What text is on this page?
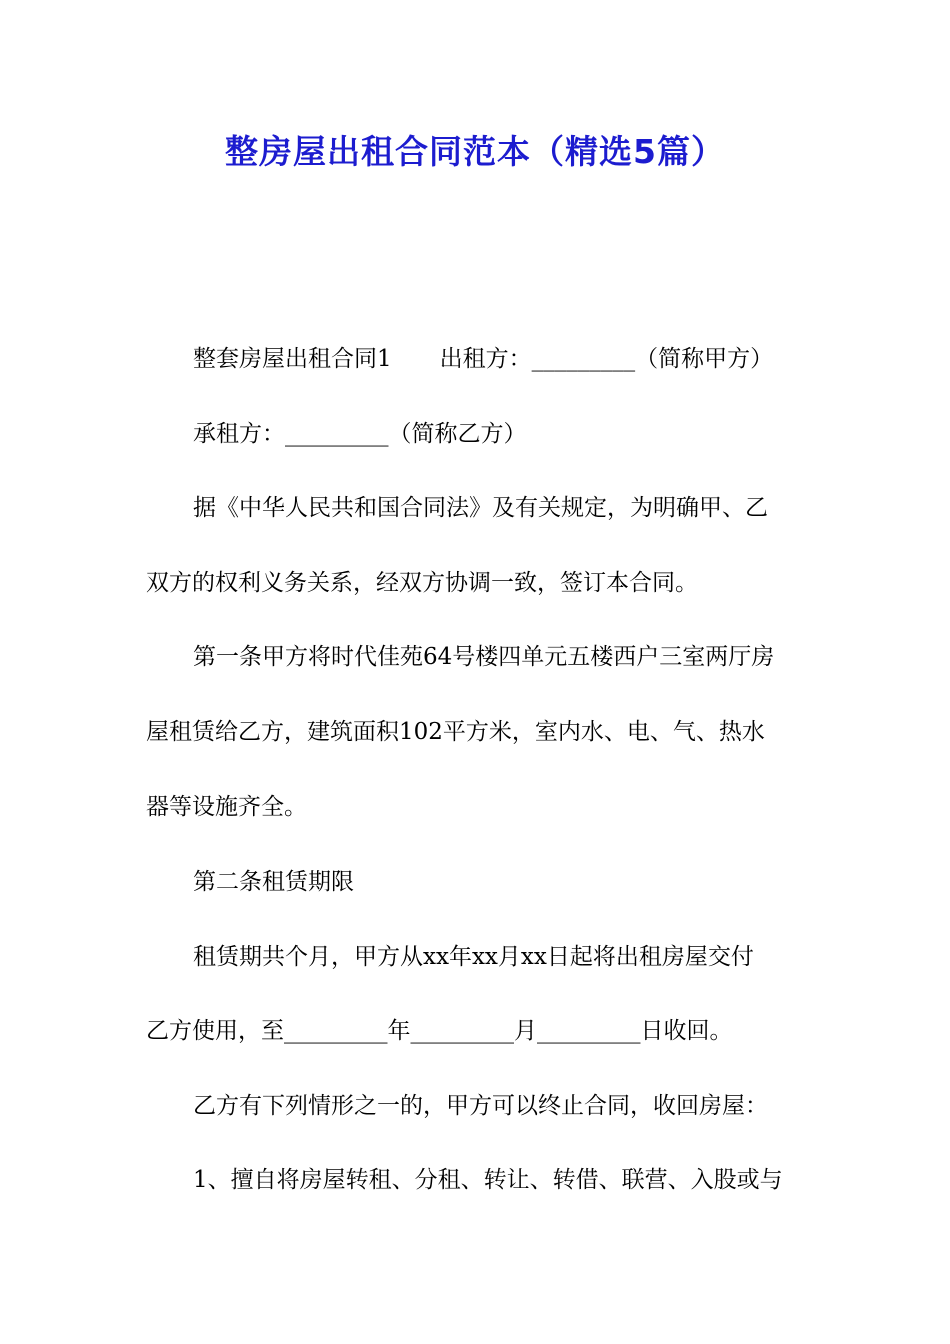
整房屋出租合同范本（精选5篇）

整套房屋出租合同1 出租方：_________（简称甲方）

承租方：_________（简称乙方）

据《中华人民共和国合同法》及有关规定，为明确甲、乙

双方的权利义务关系，经双方协调一致，签订本合同。

第一条甲方将时代佳苑64号楼四单元五楼西户三室两厅房

屋租赁给乙方，建筑面积102平方米，室内水、电、气、热水

器等设施齐全。

第二条租赁期限

租赁期共个月，甲方从xx年xx月xx日起将出租房屋交付

乙方使用，至_________年_________月_________日收回。

乙方有下列情形之一的，甲方可以终止合同，收回房屋：

1、擅自将房屋转租、分租、转让、转借、联营、入股或与
